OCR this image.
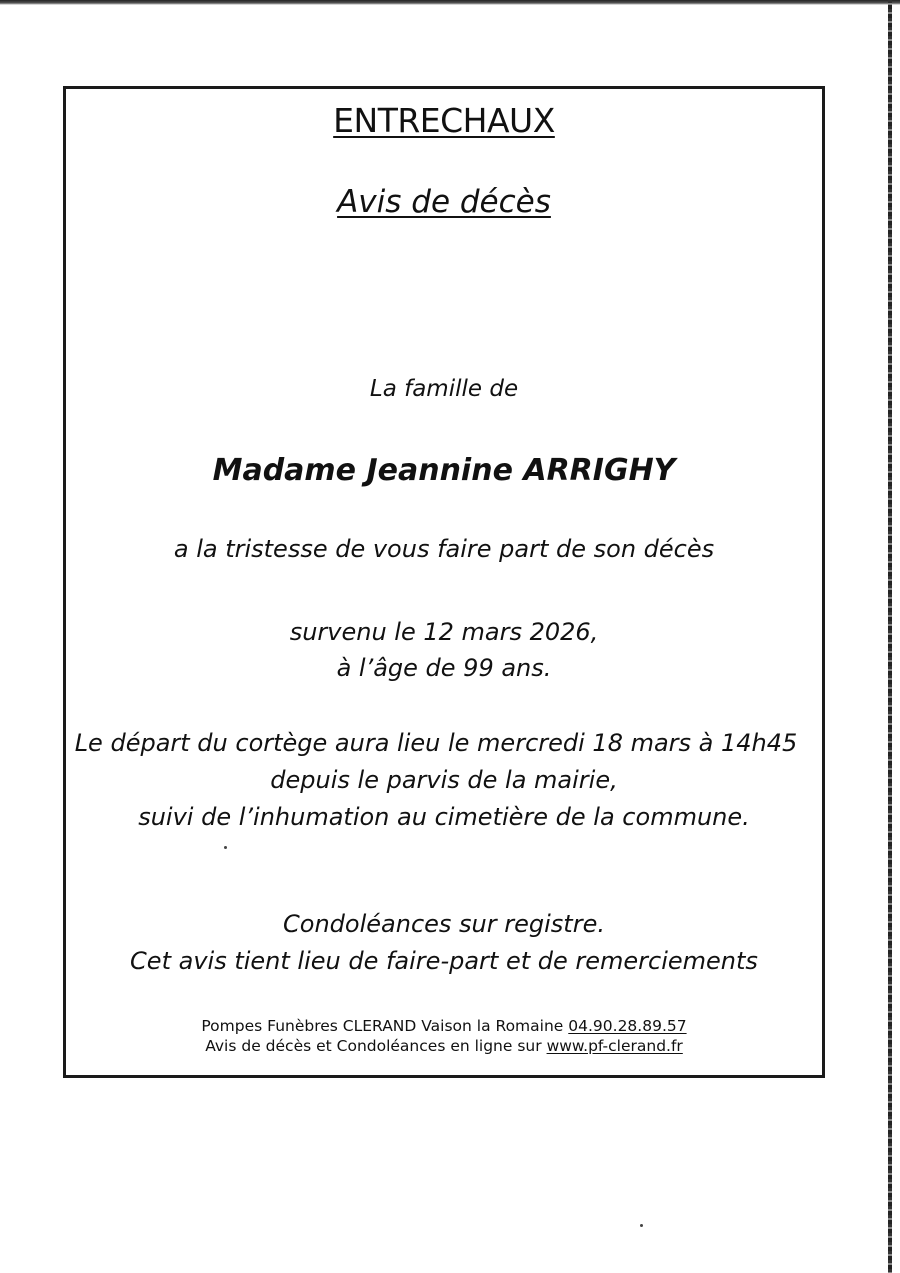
ENTRECHAUX
Avis de décès
La famille de
Madame Jeannine ARRIGHY
a la tristesse de vous faire part de son décès
survenu le 12 mars 2026,
à l’âge de 99 ans.
Le départ du cortège aura lieu le mercredi 18 mars à 14h45
depuis le parvis de la mairie,
suivi de l’inhumation au cimetière de la commune.
Condoléances sur registre.
Cet avis tient lieu de faire-part et de remerciements
Pompes Funèbres CLERAND Vaison la Romaine 04.90.28.89.57
Avis de décès et Condoléances en ligne sur www.pf-clerand.fr
